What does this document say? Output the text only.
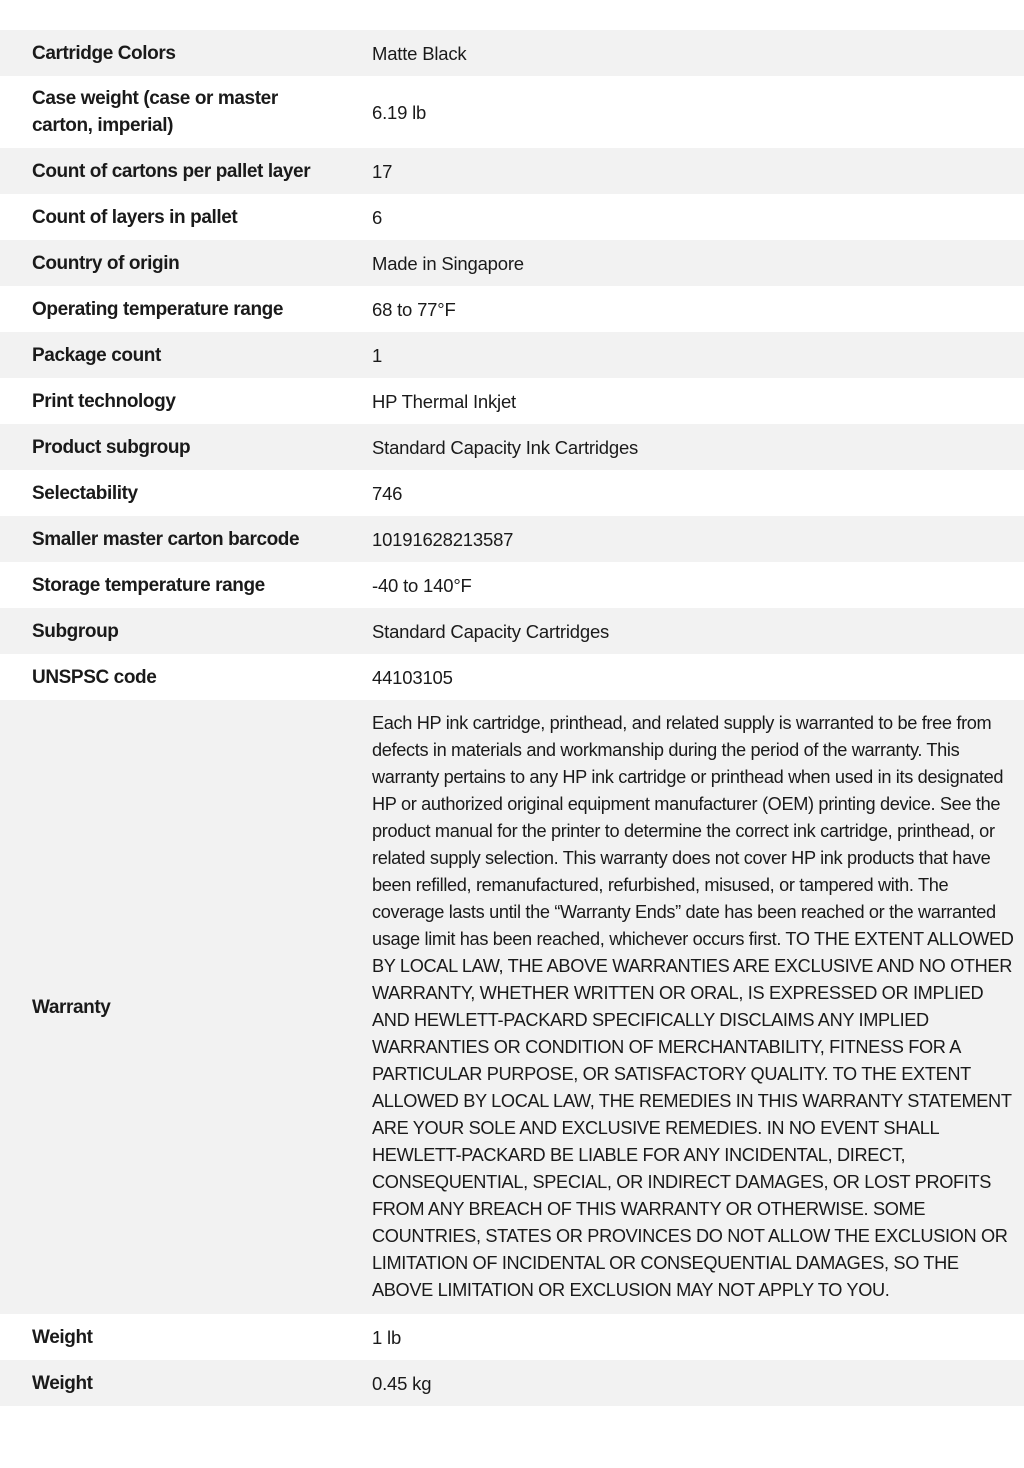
Cartridge Colors	Matte Black
Case weight (case or master carton, imperial)	6.19 lb
Count of cartons per pallet layer	17
Count of layers in pallet	6
Country of origin	Made in Singapore
Operating temperature range	68 to 77°F
Package count	1
Print technology	HP Thermal Inkjet
Product subgroup	Standard Capacity Ink Cartridges
Selectability	746
Smaller master carton barcode	10191628213587
Storage temperature range	-40 to 140°F
Subgroup	Standard Capacity Cartridges
UNSPSC code	44103105
Warranty	Each HP ink cartridge, printhead, and related supply is warranted to be free from defects in materials and workmanship during the period of the warranty. This warranty pertains to any HP ink cartridge or printhead when used in its designated HP or authorized original equipment manufacturer (OEM) printing device. See the product manual for the printer to determine the correct ink cartridge, printhead, or related supply selection. This warranty does not cover HP ink products that have been refilled, remanufactured, refurbished, misused, or tampered with. The coverage lasts until the “Warranty Ends” date has been reached or the warranted usage limit has been reached, whichever occurs first. TO THE EXTENT ALLOWED BY LOCAL LAW, THE ABOVE WARRANTIES ARE EXCLUSIVE AND NO OTHER WARRANTY, WHETHER WRITTEN OR ORAL, IS EXPRESSED OR IMPLIED AND HEWLETT-PACKARD SPECIFICALLY DISCLAIMS ANY IMPLIED WARRANTIES OR CONDITION OF MERCHANTABILITY, FITNESS FOR A PARTICULAR PURPOSE, OR SATISFACTORY QUALITY. TO THE EXTENT ALLOWED BY LOCAL LAW, THE REMEDIES IN THIS WARRANTY STATEMENT ARE YOUR SOLE AND EXCLUSIVE REMEDIES. IN NO EVENT SHALL HEWLETT-PACKARD BE LIABLE FOR ANY INCIDENTAL, DIRECT, CONSEQUENTIAL, SPECIAL, OR INDIRECT DAMAGES, OR LOST PROFITS FROM ANY BREACH OF THIS WARRANTY OR OTHERWISE. SOME COUNTRIES, STATES OR PROVINCES DO NOT ALLOW THE EXCLUSION OR LIMITATION OF INCIDENTAL OR CONSEQUENTIAL DAMAGES, SO THE ABOVE LIMITATION OR EXCLUSION MAY NOT APPLY TO YOU.
Weight	1 lb
Weight	0.45 kg
